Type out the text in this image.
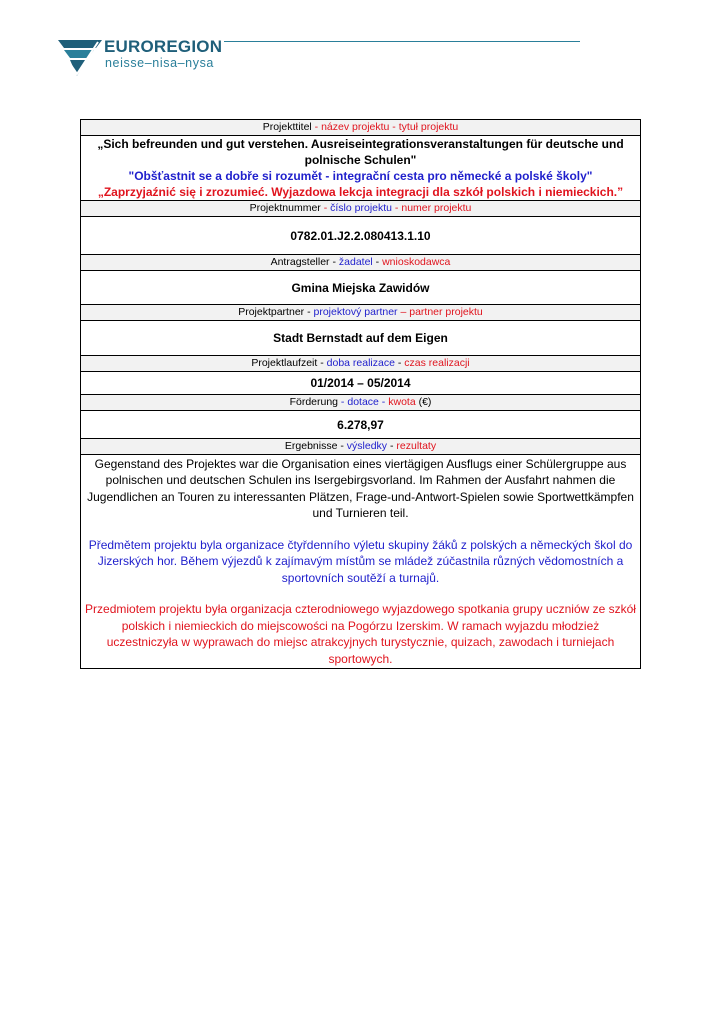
EUROREGION
neisse–nisa–nysa
Projekttitel - název projektu - tytuł projektu

„Sich befreunden und gut verstehen. Ausreiseintegrationsveranstaltungen für deutsche und polnische Schulen"
"Obšťastnit se a dobře si rozumět - integrační cesta pro německé a polské školy"
„Zaprzyjaźnić się i zrozumieć. Wyjazdowa lekcja integracji dla szkół polskich i niemieckich.”

Projektnummer - číslo projektu - numer projektu
0782.01.J2.2.080413.1.10
Antragsteller - žadatel - wnioskodawca
Gmina Miejska Zawidów
Projektpartner - projektový partner – partner projektu
Stadt Bernstadt auf dem Eigen
Projektlaufzeit - doba realizace - czas realizacji
01/2014 – 05/2014
Förderung - dotace - kwota (€)
6.278,97
Ergebnisse - výsledky - rezultaty

Gegenstand des Projektes war die Organisation eines viertägigen Ausflugs einer Schülergruppe aus polnischen und deutschen Schulen ins Isergebirgsvorland. Im Rahmen der Ausfahrt nahmen die Jugendlichen an Touren zu interessanten Plätzen, Frage-und-Antwort-Spielen sowie Sportwettkämpfen und Turnieren teil.

Předmětem projektu byla organizace čtyřdenního výletu skupiny žáků z polských a německých škol do Jizerských hor. Během výjezdů k zajímavým místům se mládež zúčastnila různých vědomostních a sportovních soutěží a turnajů.

Przedmiotem projektu była organizacja czterodniowego wyjazdowego spotkania grupy uczniów ze szkół polskich i niemieckich do miejscowości na Pogórzu Izerskim. W ramach wyjazdu młodzież uczestniczyła w wyprawach do miejsc atrakcyjnych turystycznie, quizach, zawodach i turniejach sportowych.
